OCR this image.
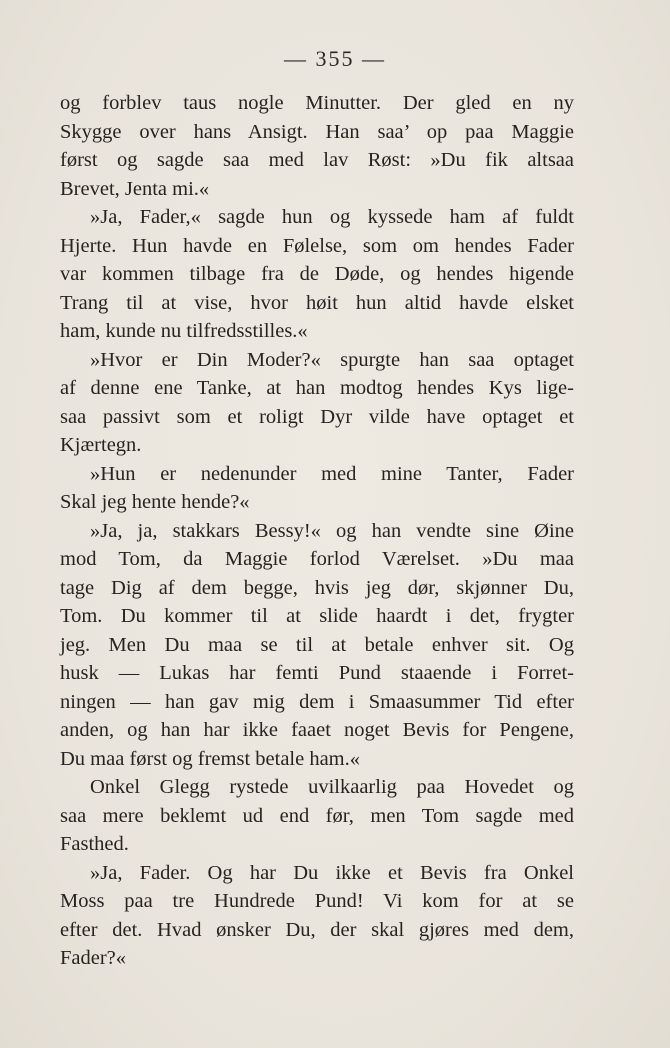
— 355 —
og forblev taus nogle Minutter. Der gled en ny
Skygge over hans Ansigt. Han saa’ op paa Maggie
først og sagde saa med lav Røst: »Du fik altsaa
Brevet, Jenta mi.«
»Ja, Fader,« sagde hun og kyssede ham af fuldt
Hjerte. Hun havde en Følelse, som om hendes Fader
var kommen tilbage fra de Døde, og hendes higende
Trang til at vise, hvor høit hun altid havde elsket
ham, kunde nu tilfredsstilles.«
»Hvor er Din Moder?« spurgte han saa optaget
af denne ene Tanke, at han modtog hendes Kys lige-
saa passivt som et roligt Dyr vilde have optaget et
Kjærtegn.
»Hun er nedenunder med mine Tanter, Fader
Skal jeg hente hende?«
»Ja, ja, stakkars Bessy!« og han vendte sine Øine
mod Tom, da Maggie forlod Værelset. »Du maa
tage Dig af dem begge, hvis jeg dør, skjønner Du,
Tom. Du kommer til at slide haardt i det, frygter
jeg. Men Du maa se til at betale enhver sit. Og
husk — Lukas har femti Pund staaende i Forret-
ningen — han gav mig dem i Smaasummer Tid efter
anden, og han har ikke faaet noget Bevis for Pengene,
Du maa først og fremst betale ham.«
Onkel Glegg rystede uvilkaarlig paa Hovedet og
saa mere beklemt ud end før, men Tom sagde med
Fasthed.
»Ja, Fader. Og har Du ikke et Bevis fra Onkel
Moss paa tre Hundrede Pund! Vi kom for at se
efter det. Hvad ønsker Du, der skal gjøres med dem,
Fader?«
